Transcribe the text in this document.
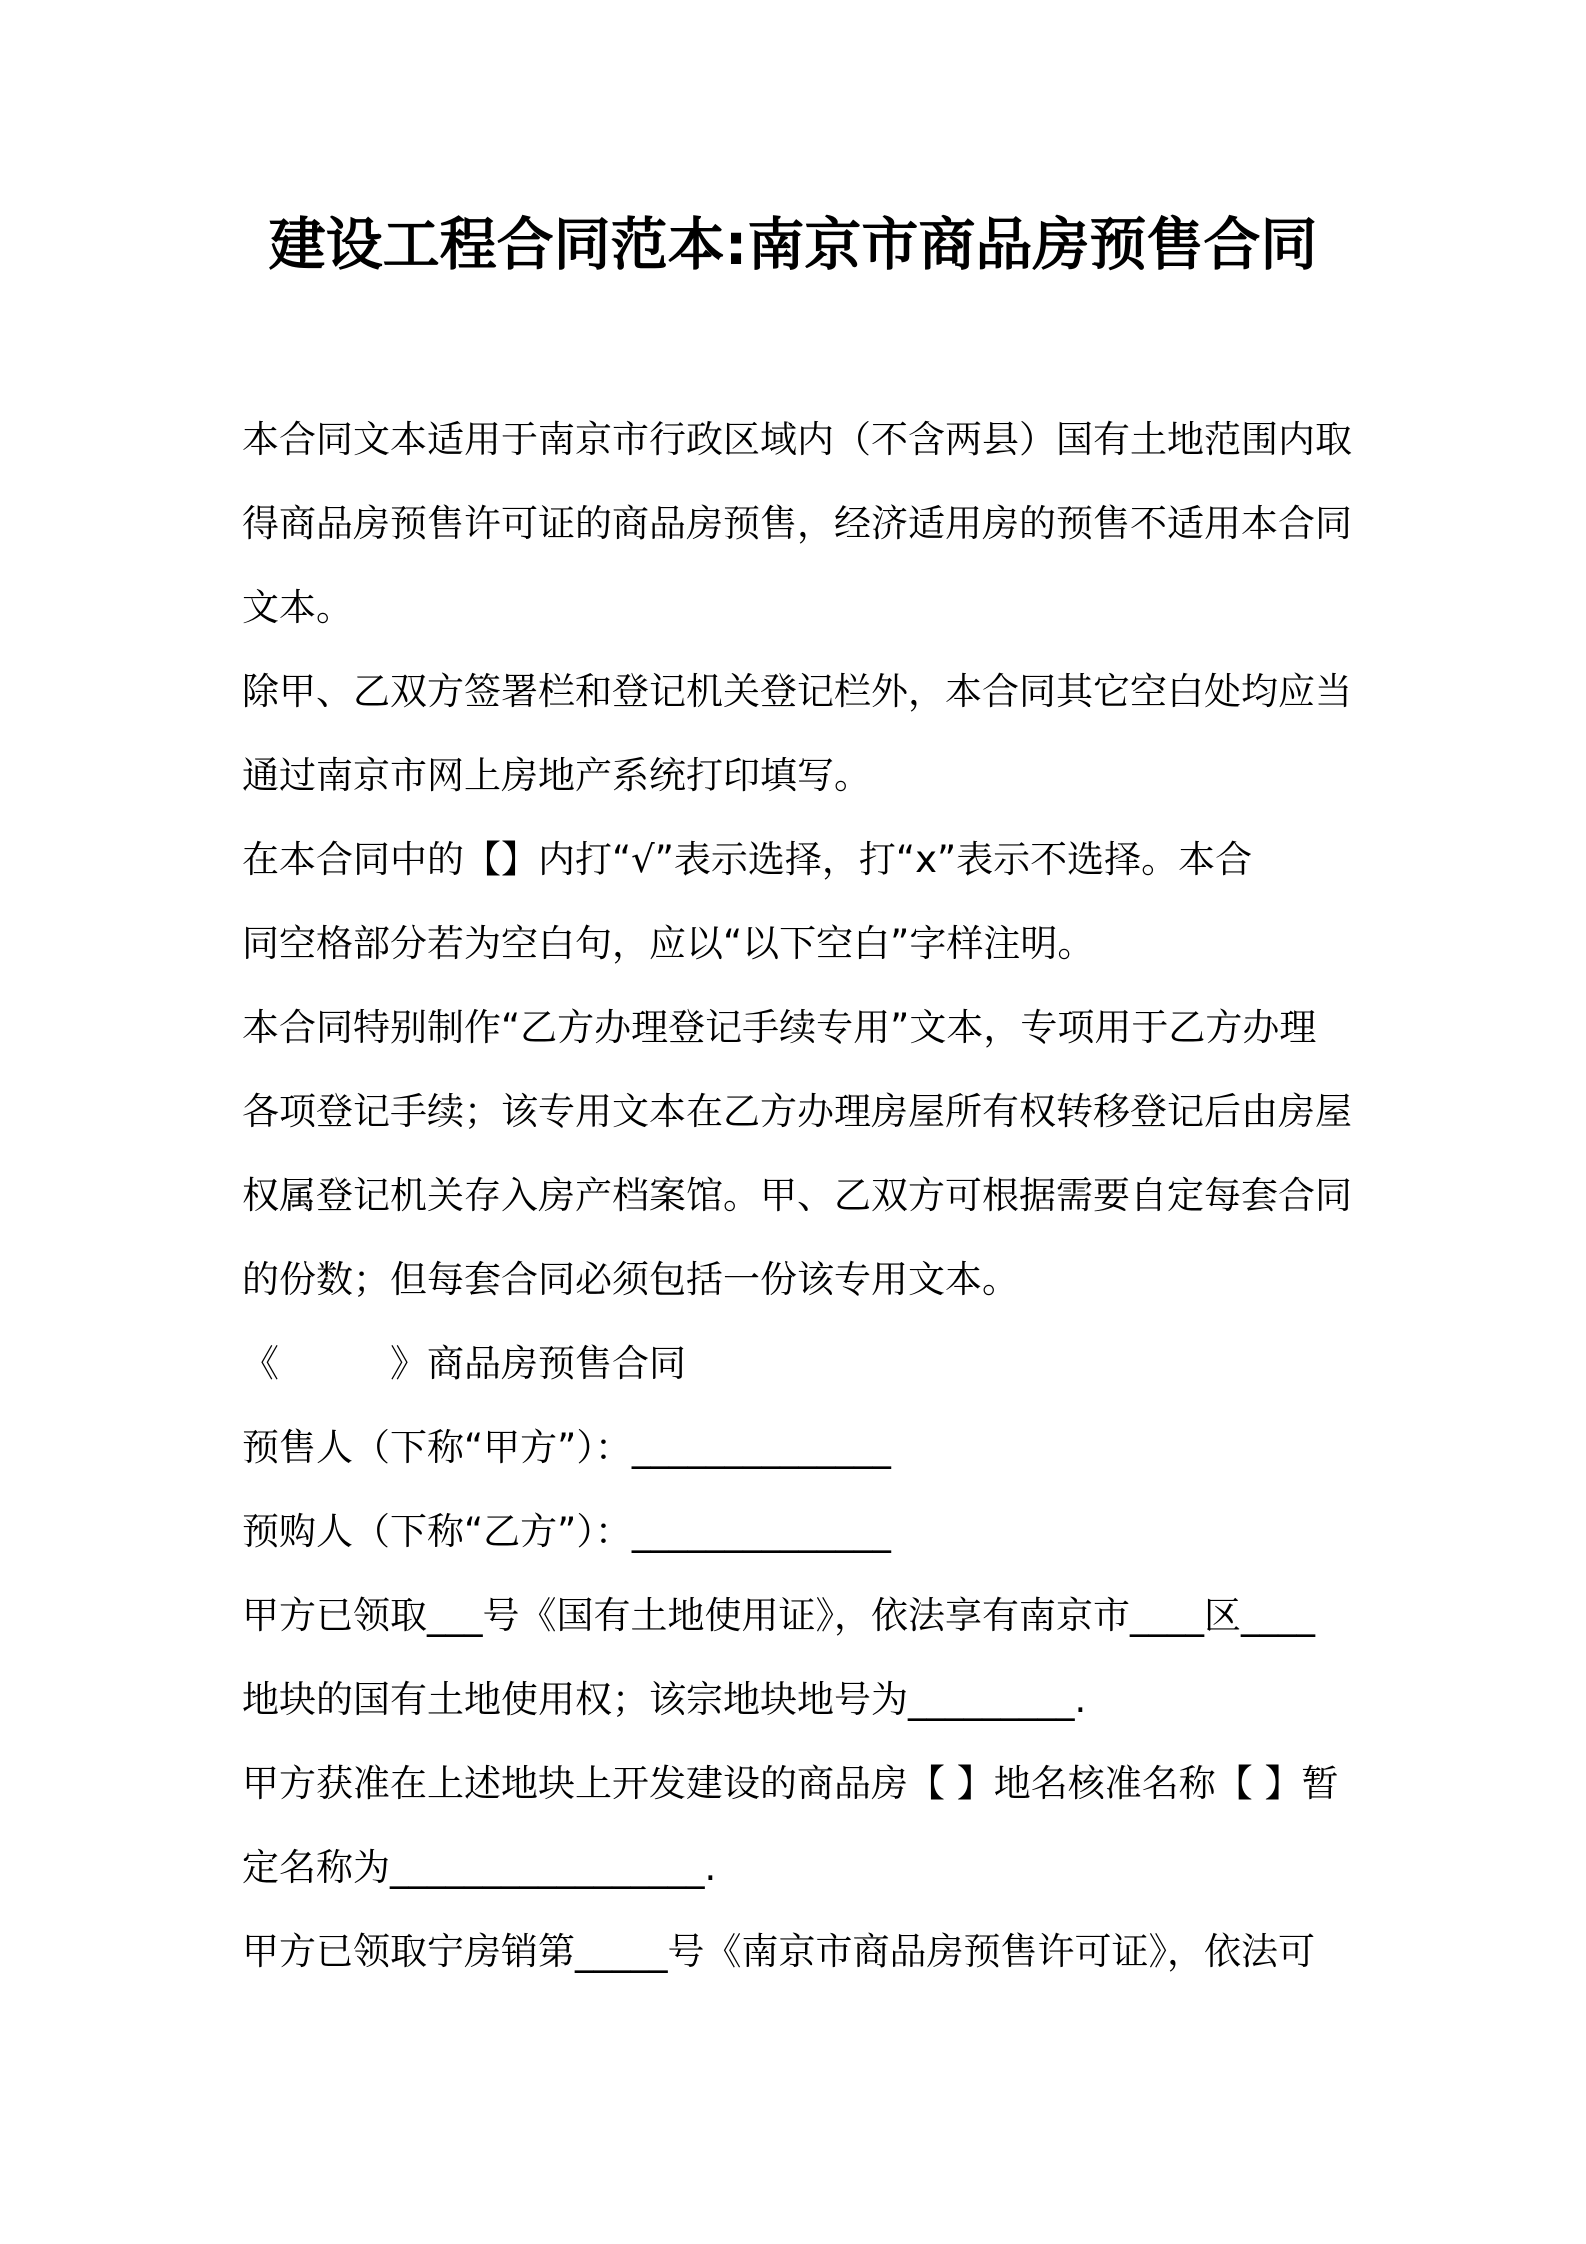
建设工程合同范本:南京市商品房预售合同
本合同文本适用于南京市行政区域内（不含两县）国有土地范围内取
得商品房预售许可证的商品房预售，经济适用房的预售不适用本合同
文本。
除甲、乙双方签署栏和登记机关登记栏外，本合同其它空白处均应当
通过南京市网上房地产系统打印填写。
在本合同中的【】内打“√”表示选择，打“x”表示不选择。本合
同空格部分若为空白句，应以“以下空白”字样注明。
本合同特别制作“乙方办理登记手续专用”文本，专项用于乙方办理
各项登记手续；该专用文本在乙方办理房屋所有权转移登记后由房屋
权属登记机关存入房产档案馆。甲、乙双方可根据需要自定每套合同
的份数；但每套合同必须包括一份该专用文本。
《　　　》商品房预售合同
预售人（下称“甲方”）：______________
预购人（下称“乙方”）：______________
甲方已领取___号《国有土地使用证》，依法享有南京市____区____
地块的国有土地使用权；该宗地块地号为_________.
甲方获准在上述地块上开发建设的商品房【 】地名核准名称【 】暂
定名称为_________________.
甲方已领取宁房销第_____号《南京市商品房预售许可证》，依法可
